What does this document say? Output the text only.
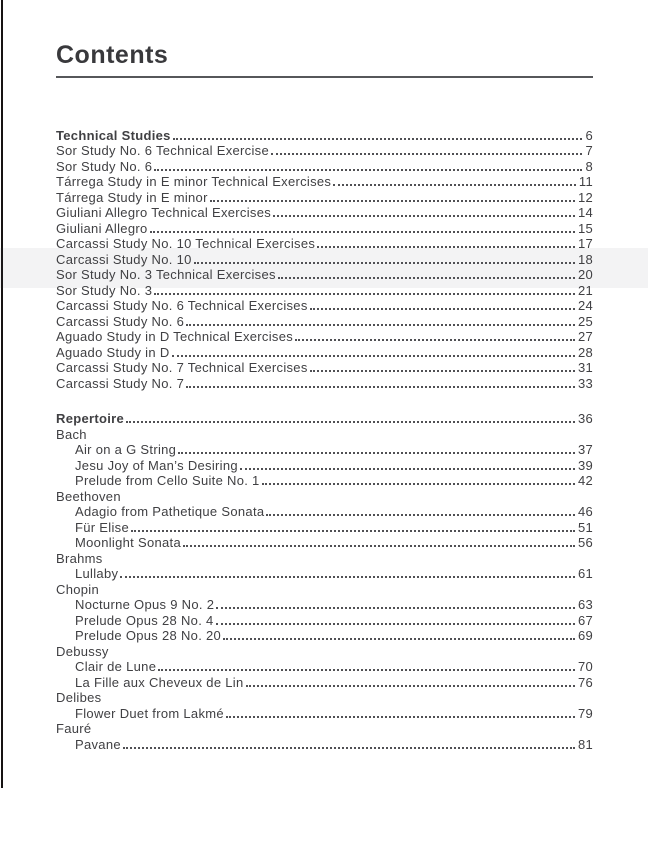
Contents
Technical Studies	6
Sor Study No. 6 Technical Exercise	7
Sor Study No. 6	8
Tárrega Study in E minor Technical Exercises	11
Tárrega Study in E minor	12
Giuliani Allegro Technical Exercises	14
Giuliani Allegro	15
Carcassi Study No. 10 Technical Exercises	17
Carcassi Study No. 10	18
Sor Study No. 3 Technical Exercises	20
Sor Study No. 3	21
Carcassi Study No. 6 Technical Exercises	24
Carcassi Study No. 6	25
Aguado Study in D Technical Exercises	27
Aguado Study in D	28
Carcassi Study No. 7 Technical Exercises	31
Carcassi Study No. 7	33
Repertoire	36
Bach
Air on a G String	37
Jesu Joy of Man’s Desiring	39
Prelude from Cello Suite No. 1	42
Beethoven
Adagio from Pathetique Sonata	46
Für Elise	51
Moonlight Sonata	56
Brahms
Lullaby	61
Chopin
Nocturne Opus 9 No. 2	63
Prelude Opus 28 No. 4	67
Prelude Opus 28 No. 20	69
Debussy
Clair de Lune	70
La Fille aux Cheveux de Lin	76
Delibes
Flower Duet from Lakmé	79
Fauré
Pavane	81
